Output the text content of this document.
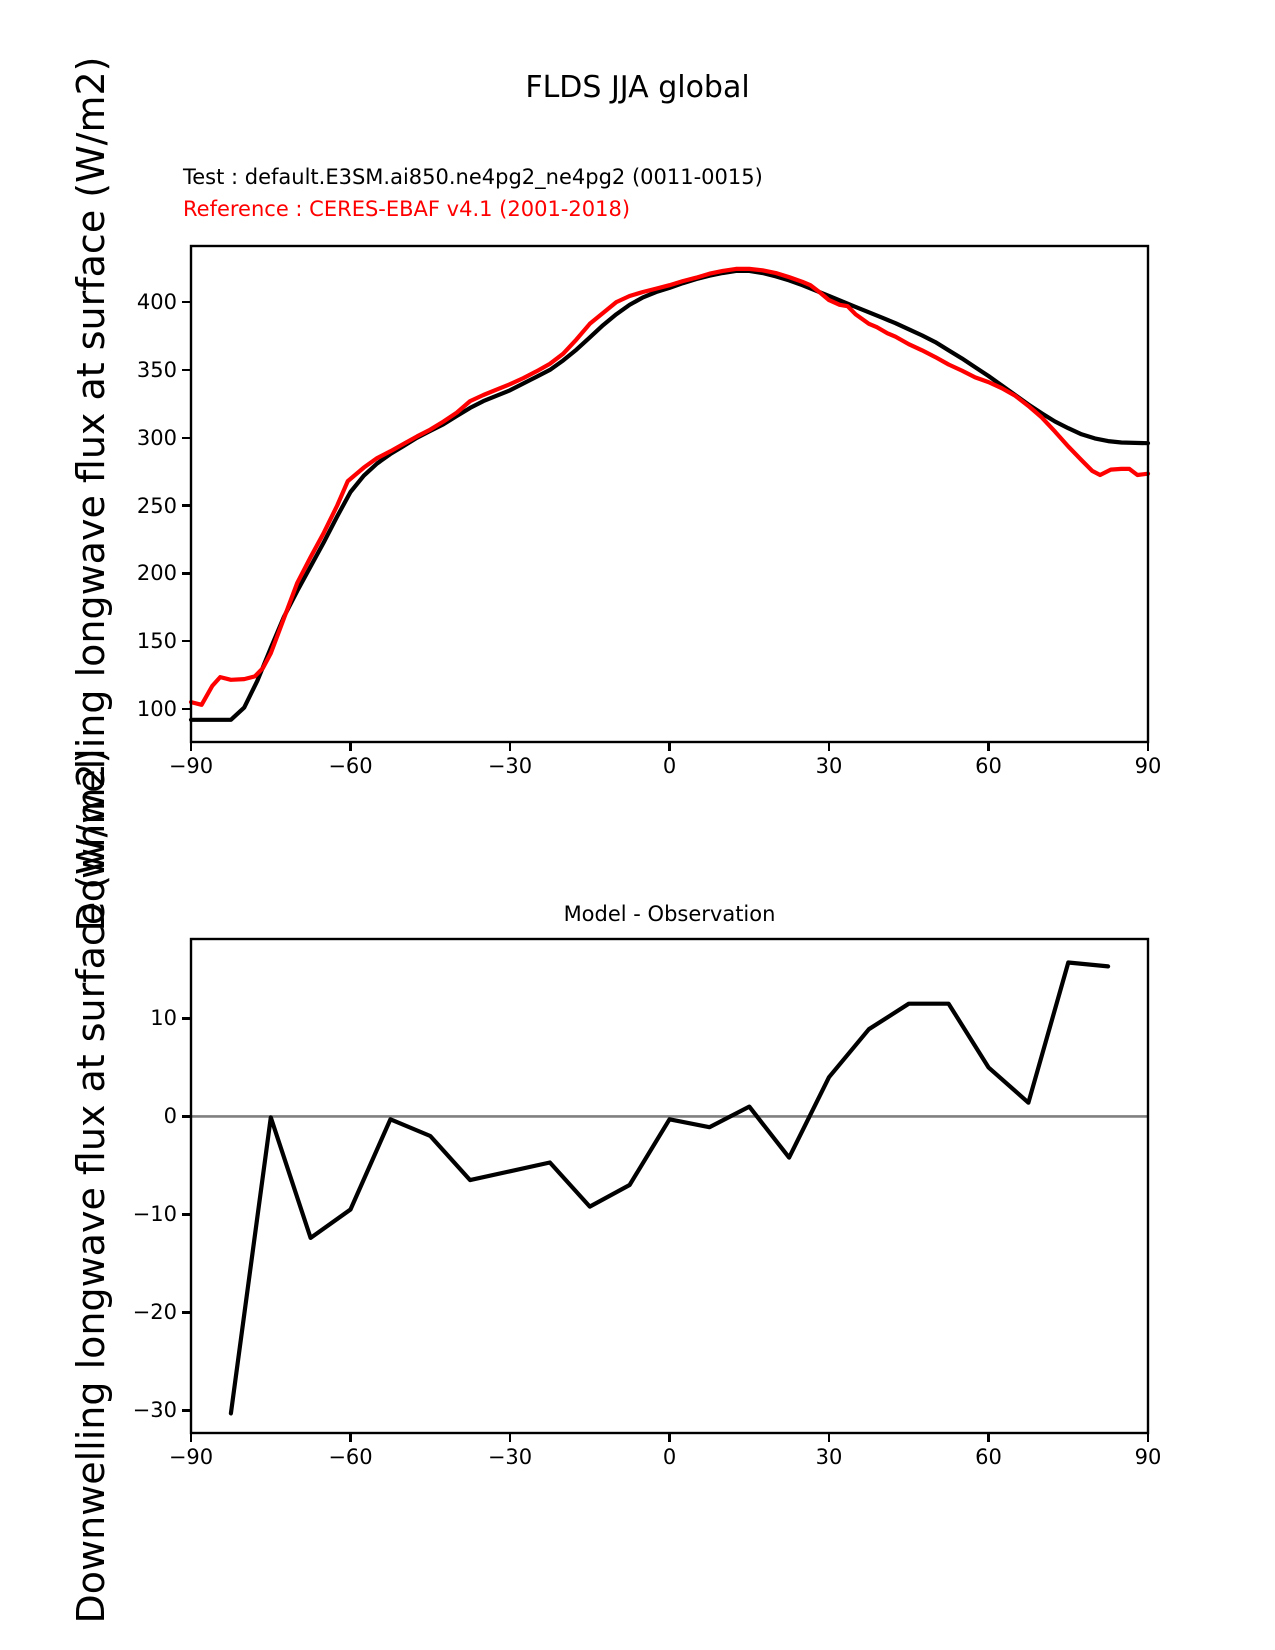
FLDS JJA global
Test : default.E3SM.ai850.ne4pg2_ne4pg2 (0011-0015)
Reference : CERES-EBAF v4.1 (2001-2018)
Downwelling longwave flux at surface (W/m2)
Downwelling longwave flux at surface (W/m2)	Model - Observation
−90	−60	−30	0	30	60	90
100
150
200
250
300
350
400
−90	−60	−30	0	30	60	90
−30
−20
−10
0
10
